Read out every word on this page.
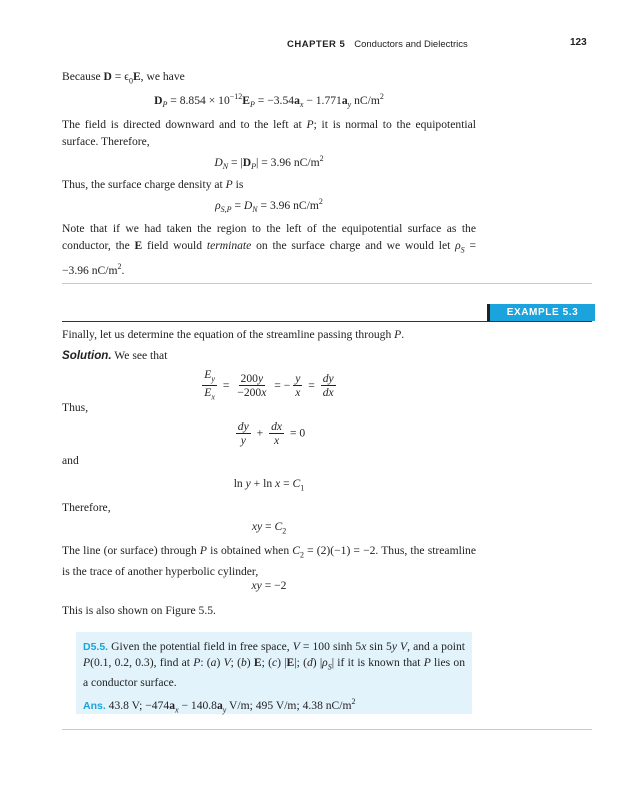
CHAPTER 5 Conductors and Dielectrics	123
Because $D = \epsilon_0E$, we have
$D_P = 8.854 \times 10^{-12}E_P = -3.54a_x - 1.771a_y$ $nC/m^2$
The field is directed downward and to the left at P; it is normal to the equipotential surface. Therefore,
$D_N = |D_P| = 3.96$ $nC/m^2$
Thus, the surface charge density at P is
$\rho_{S,P} = D_N = 3.96$ $nC/m^2$
Note that if we had taken the region to the left of the equipotential surface as the conductor, the E field would terminate on the surface charge and we would let $\rho_S = -3.96$ $nC/m^2$.
Finally, let us determine the equation of the streamline passing through P.
Solution. We see that
$\frac{E_y}{E_x} = \frac{200y}{-200x}$ = − $\frac{y}{x} = \frac{dy}{dx}$
Thus,
$\frac{dy}{y} + \frac{dx}{x} = 0$
and
$\ln y + \ln x = C_1$
Therefore,
xy = $C_2$
The line (or surface) through P is obtained when $C_2 = (2)(-1) = -2$. Thus, the streamline is the trace of another hyperbolic cylinder,
xy = −2
This is also shown on Figure 5.5.
EXAMPLE 5.3
D5.5. Given the potential field in free space, V = 100 sinh 5x sin 5y V, and a point P(0.1, 0.2, 0.3), find at P: (a) V; (b) E; (c) |E|; (d) $|\rho_S|$ if it is known that P lies on a conductor surface.
Ans. 43.8 V; $-474a_x - 140.8a_y$ V/m; 495 V/m; 4.38 $nC/m^2$
